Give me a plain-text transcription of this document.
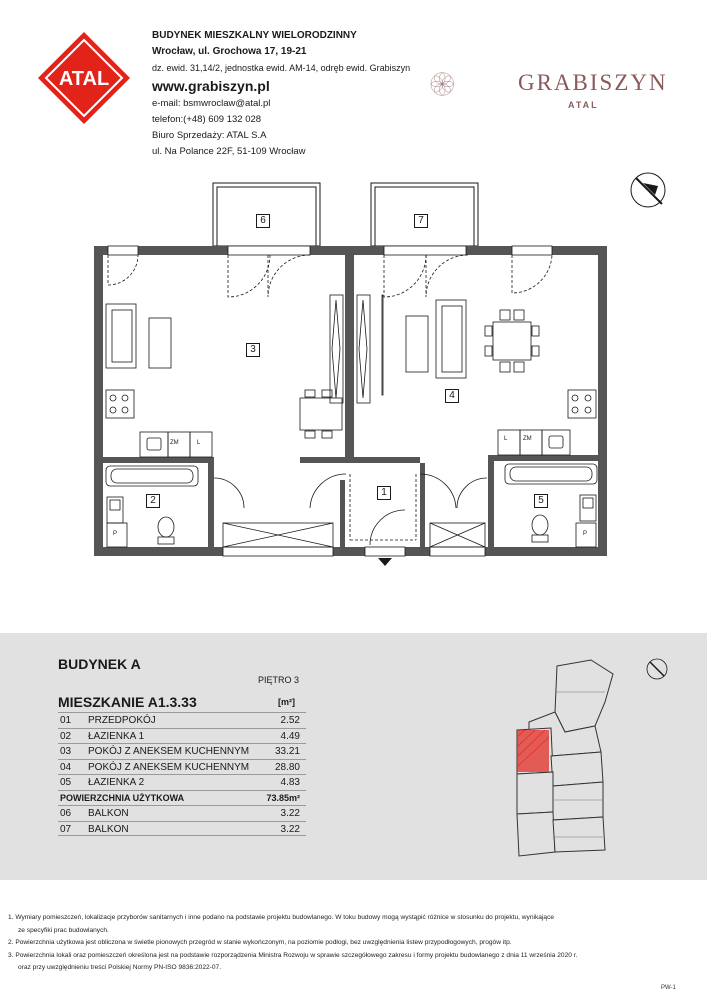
ATAL
BUDYNEK MIESZKALNY WIELORODZINNY
Wrocław, ul. Grochowa 17, 19-21
dz. ewid. 31,14/2, jednostka ewid. AM-14, odręb ewid. Grabiszyn
www.grabiszyn.pl
e-mail: bsmwroclaw@atal.pl
telefon:(+48) 609 132 028
Biuro Sprzedaży: ATAL S.A
ul. Na Polance 22F, 51-109 Wrocław
GRABISZYN
ATAL
6	7
3
4
2
1
5
ZM	L
L	ZM
P	P
BUDYNEK A
PIĘTRO 3
MIESZKANIE A1.3.33	[m²]
01 PRZEDPOKÓJ	2.52
02 ŁAZIENKA 1	4.49
03 POKÓJ Z ANEKSEM KUCHENNYM	33.21
04 POKÓJ Z ANEKSEM KUCHENNYM	28.80
05 ŁAZIENKA 2	4.83
POWIERZCHNIA UŻYTKOWA	73.85m²
06 BALKON	3.22
07 BALKON	3.22
1. Wymiary pomieszczeń, lokalizacje przyborów sanitarnych i inne podano na podstawie projektu budowlanego. W toku budowy mogą wystąpić różnice w stosunku do projektu, wynikające
ze specyfiki prac budowlanych.
2. Powierzchnia użytkowa jest obliczona w świetle pionowych przegród w stanie wykończonym, na poziomie podłogi, bez uwzględnienia listew przypodłogowych, progów itp.
3. Powierzchnia lokali oraz pomieszczeń określona jest na podstawie rozporządzenia Ministra Rozwoju w sprawie szczegółowego zakresu i formy projektu budowlanego z dnia 11 września 2020 r.
oraz przy uwzględnieniu treści Polskiej Normy PN-ISO 9836:2022-07.
PW-1
